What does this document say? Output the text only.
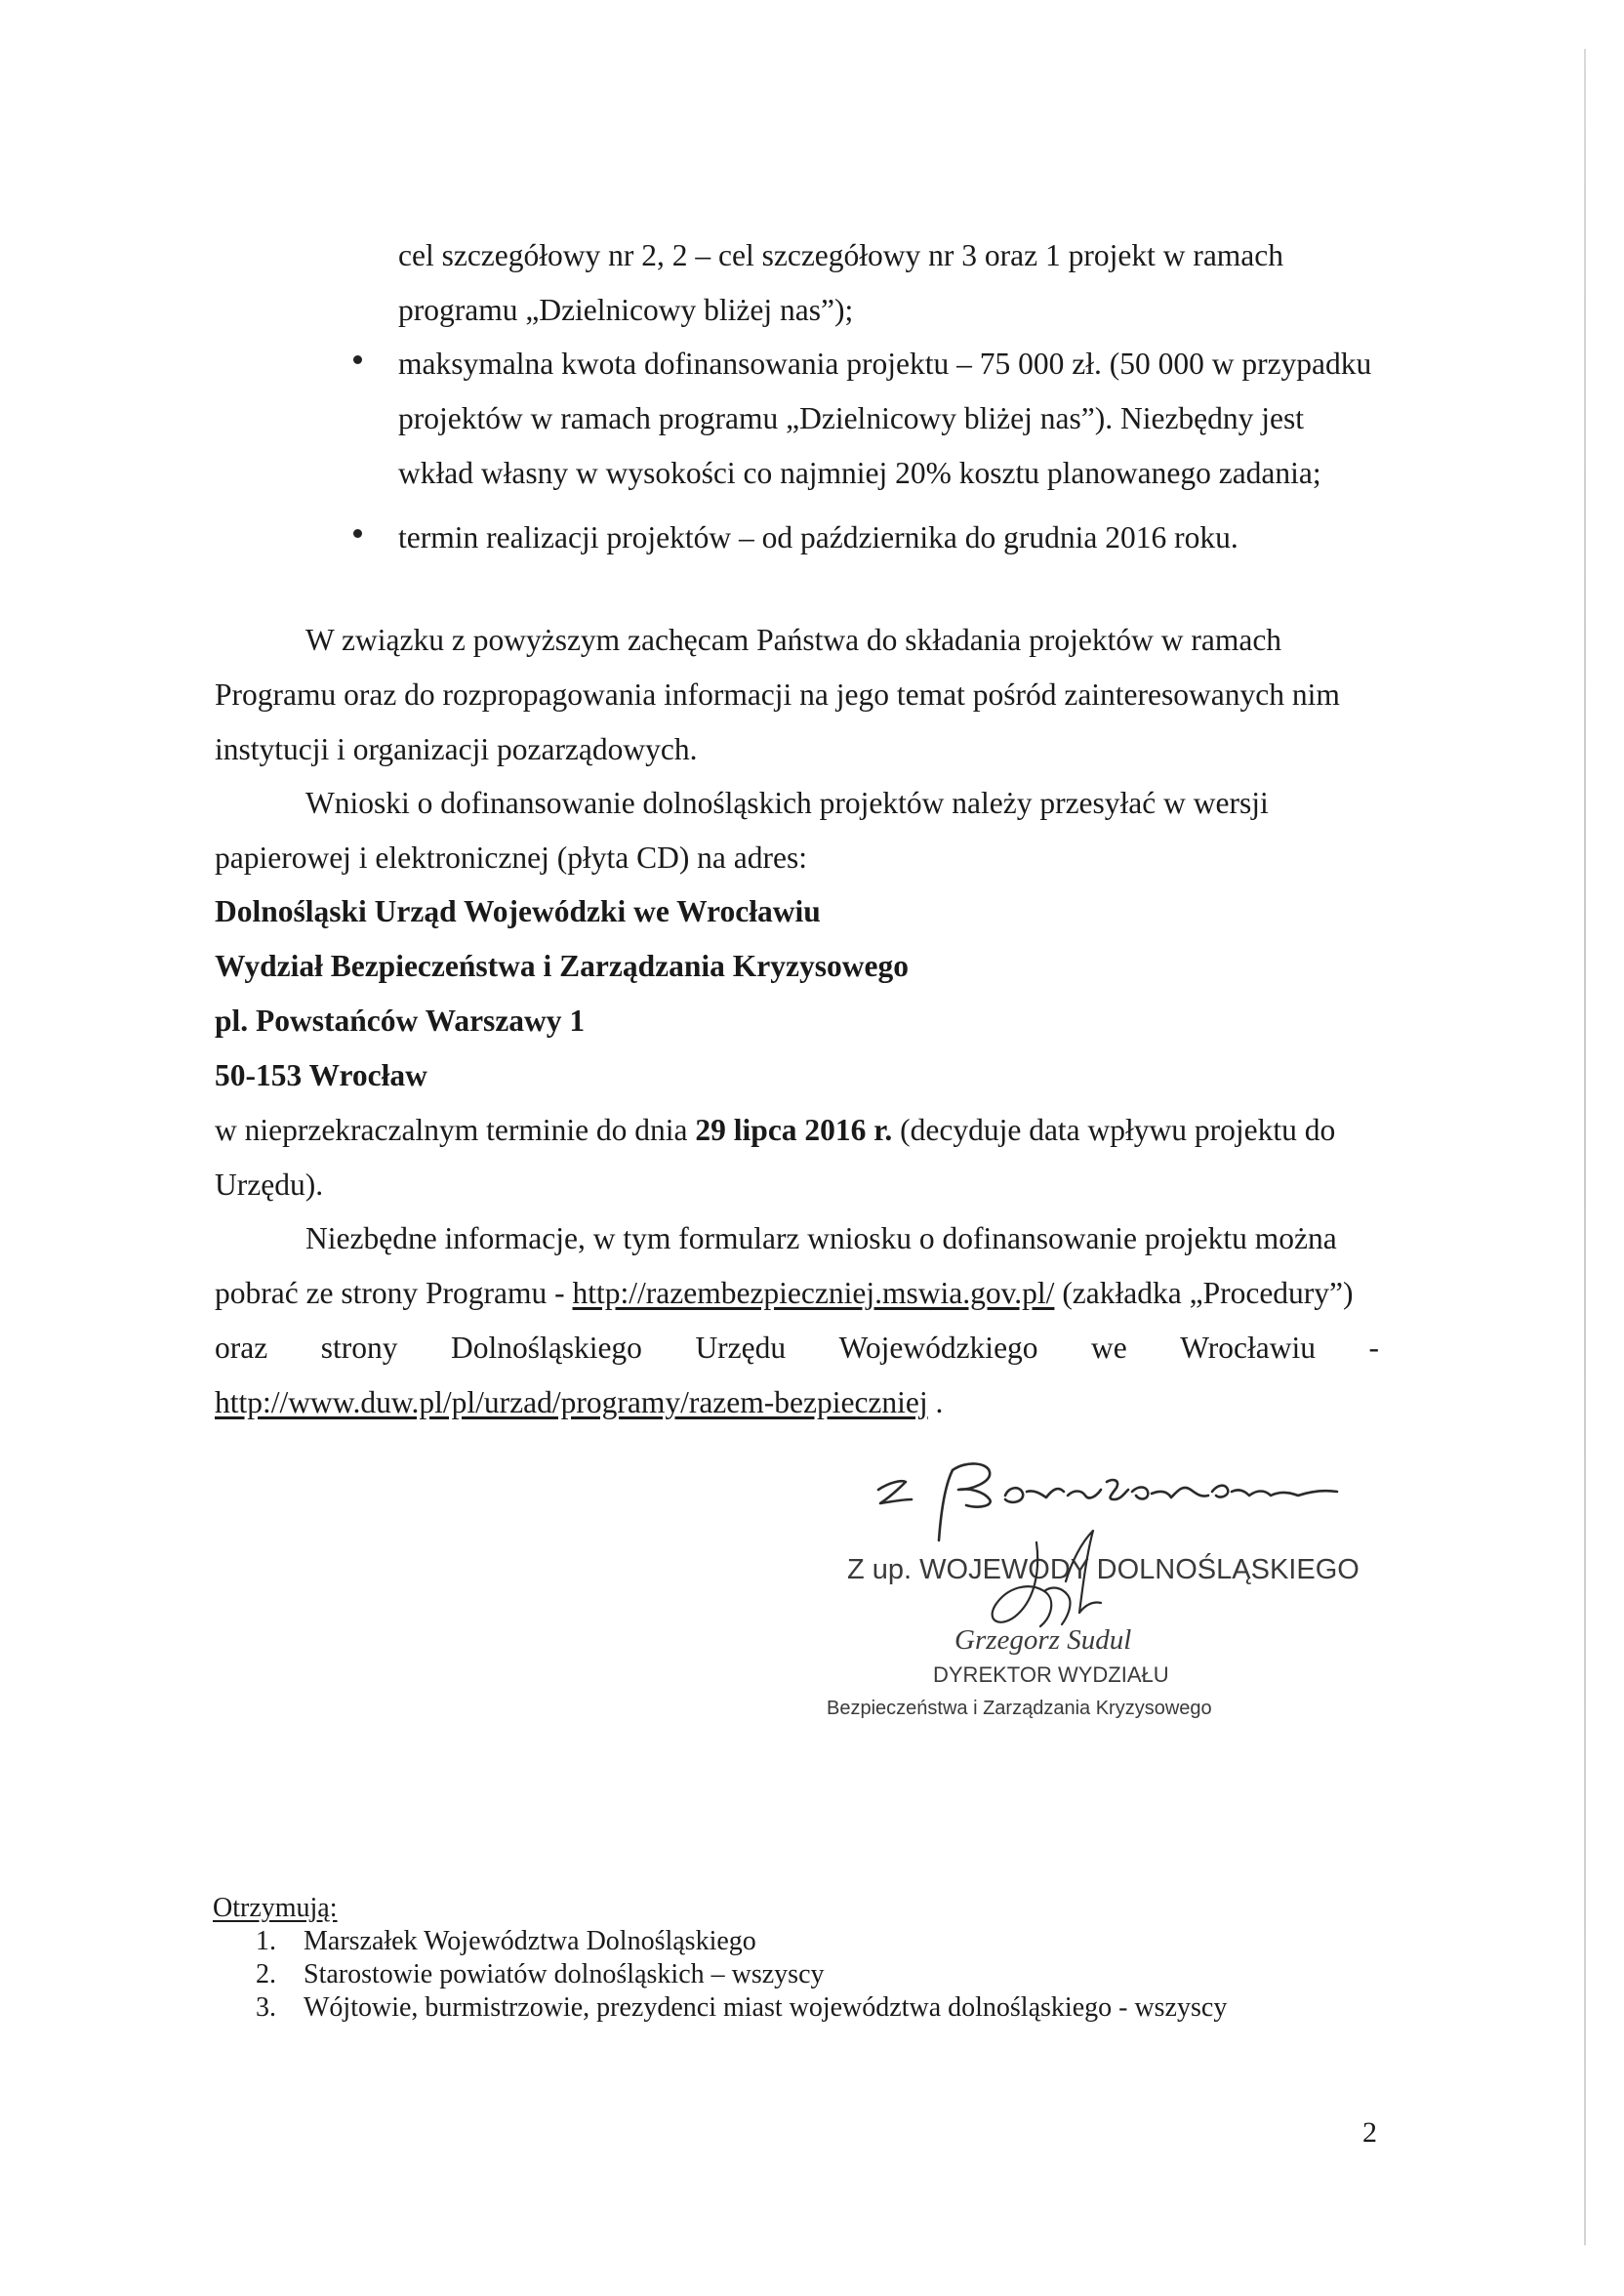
cel szczegółowy nr 2, 2 – cel szczegółowy nr 3 oraz 1 projekt w ramach
programu „Dzielnicowy bliżej nas”);
maksymalna kwota dofinansowania projektu – 75 000 zł. (50 000 w przypadku
projektów w ramach programu „Dzielnicowy bliżej nas”). Niezbędny jest
wkład własny w wysokości co najmniej 20% kosztu planowanego zadania;
termin realizacji projektów – od października do grudnia 2016 roku.
W związku z powyższym zachęcam Państwa do składania projektów w ramach
Programu oraz do rozpropagowania informacji na jego temat pośród zainteresowanych nim
instytucji i organizacji pozarządowych.
Wnioski o dofinansowanie dolnośląskich projektów należy przesyłać w wersji
papierowej i elektronicznej (płyta CD) na adres:
Dolnośląski Urząd Wojewódzki we Wrocławiu
Wydział Bezpieczeństwa i Zarządzania Kryzysowego
pl. Powstańców Warszawy 1
50-153 Wrocław
w nieprzekraczalnym terminie do dnia 29 lipca 2016 r. (decyduje data wpływu projektu do
Urzędu).
Niezbędne informacje, w tym formularz wniosku o dofinansowanie projektu można
pobrać ze strony Programu - http://razembezpieczniej.mswia.gov.pl/ (zakładka „Procedury”)
oraz strony Dolnośląskiego Urzędu Wojewódzkiego we Wrocławiu -
http://www.duw.pl/pl/urzad/programy/razem-bezpieczniej .
Z up. WOJEWODY DOLNOŚLĄSKIEGO
Grzegorz Sudul
DYREKTOR WYDZIAŁU
Bezpieczeństwa i Zarządzania Kryzysowego
Otrzymują:
1. Marszałek Województwa Dolnośląskiego
2. Starostowie powiatów dolnośląskich – wszyscy
3. Wójtowie, burmistrzowie, prezydenci miast województwa dolnośląskiego - wszyscy
2
